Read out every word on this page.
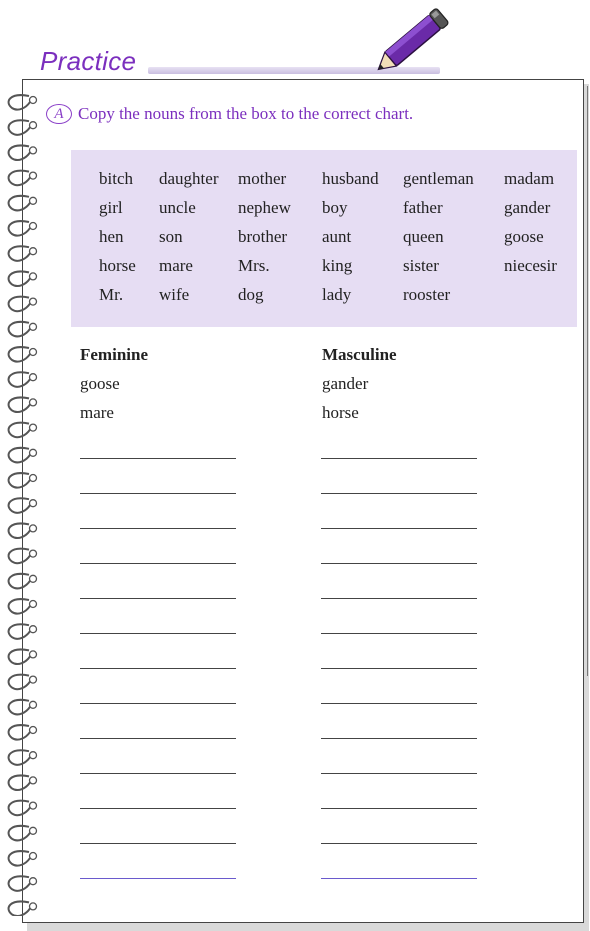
Practice
A Copy the nouns from the box to the correct chart.
bitch
girl
hen
horse
Mr.
daughter
uncle
son
mare
wife
mother
nephew
brother
Mrs.
dog
husband
boy
aunt
king
lady
gentleman
father
queen
sister
rooster
madam
gander
goose
niecesir
Feminine	Masculine
goose
mare
gander
horse
